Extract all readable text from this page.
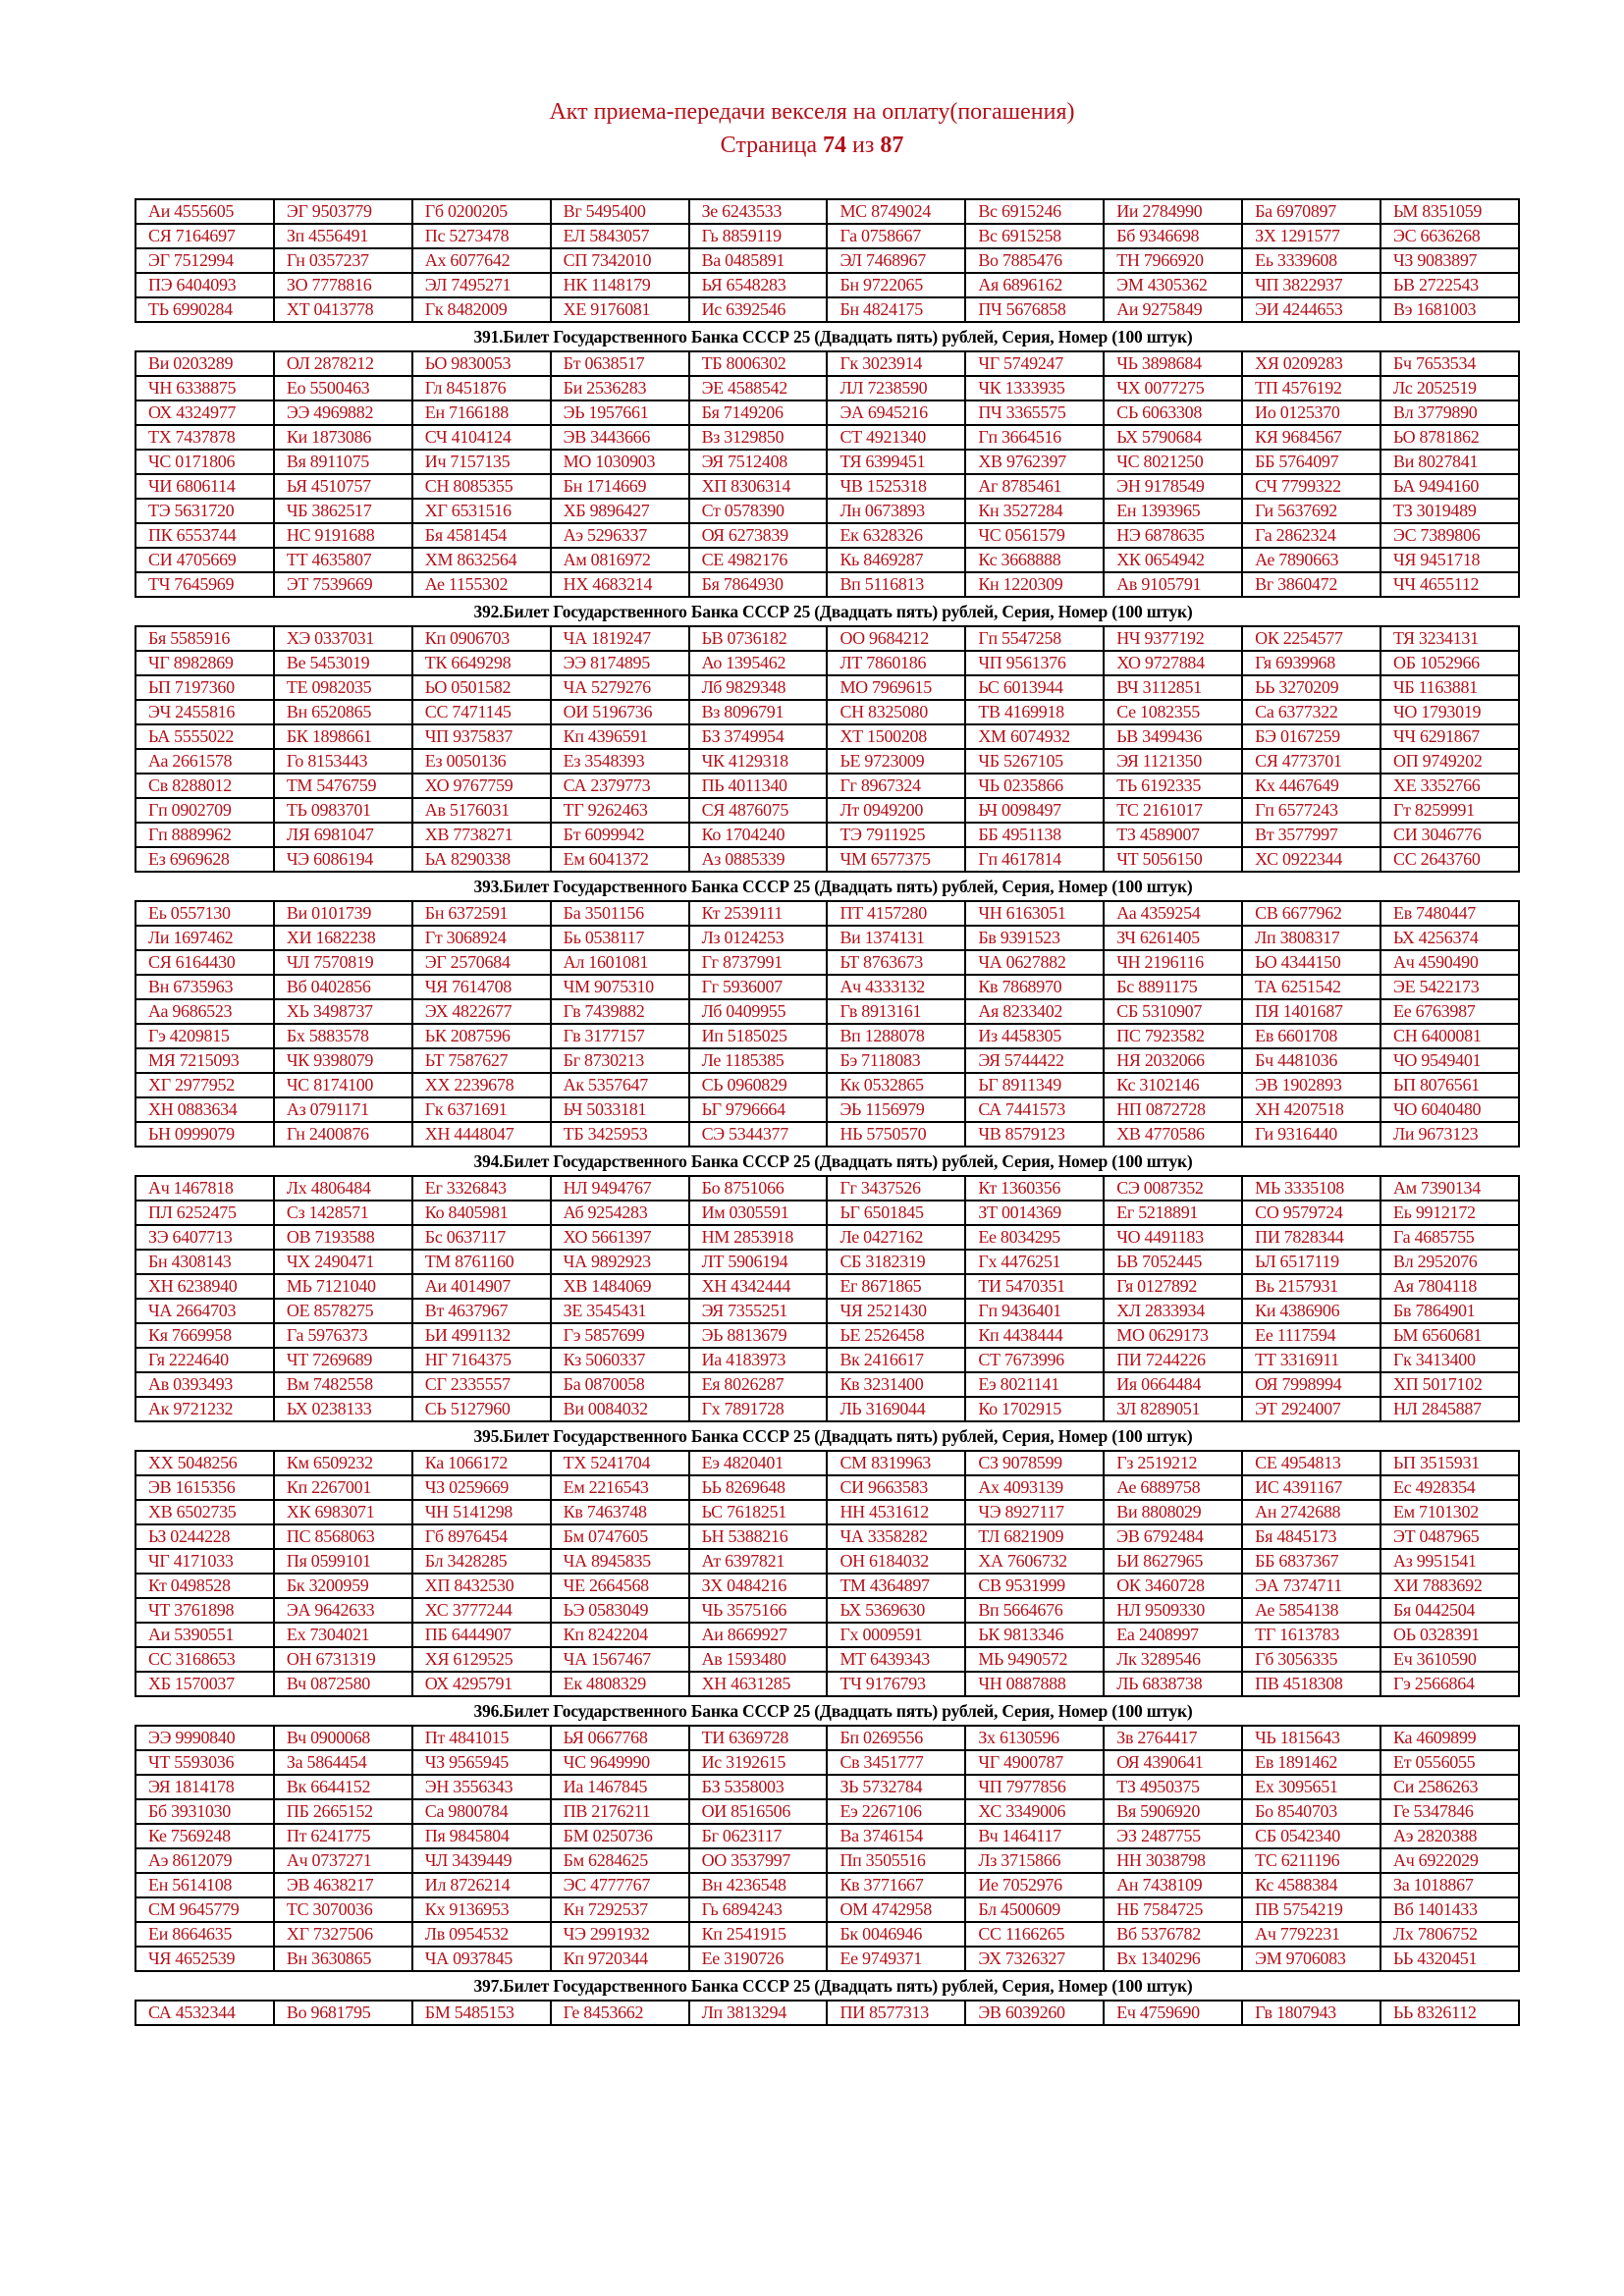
Акт приема-передачи векселя на оплату(погашения)
Страница 74 из 87
Аи 4555605	ЭГ 9503779	Гб 0200205	Вг 5495400	Зе 6243533	МС 8749024	Вс 6915246	Ии 2784990	Ба 6970897	ЬМ 8351059
СЯ 7164697	Зп 4556491	Пс 5273478	ЕЛ 5843057	Гь 8859119	Га 0758667	Вс 6915258	Бб 9346698	ЗХ 1291577	ЭС 6636268
ЭГ 7512994	Гн 0357237	Ах 6077642	СП 7342010	Ва 0485891	ЭЛ 7468967	Во 7885476	ТН 7966920	Еь 3339608	ЧЗ 9083897
ПЭ 6404093	ЗО 7778816	ЭЛ 7495271	НК 1148179	ЬЯ 6548283	Бн 9722065	Ая 6896162	ЭМ 4305362	ЧП 3822937	ЬВ 2722543
ТЬ 6990284	ХТ 0413778	Гк 8482009	ХЕ 9176081	Ис 6392546	Бн 4824175	ПЧ 5676858	Аи 9275849	ЭИ 4244653	Вэ 1681003
391.Билет Государственного Банка СССР 25 (Двадцать пять) рублей, Серия, Номер (100 штук)									
Ви 0203289	ОЛ 2878212	ЬО 9830053	Бт 0638517	ТБ 8006302	Гк 3023914	ЧГ 5749247	ЧЬ 3898684	ХЯ 0209283	Бч 7653534
ЧН 6338875	Ео 5500463	Гл 8451876	Би 2536283	ЭЕ 4588542	ЛЛ 7238590	ЧК 1333935	ЧХ 0077275	ТП 4576192	Лс 2052519
ОХ 4324977	ЭЭ 4969882	Ен 7166188	ЭЬ 1957661	Бя 7149206	ЭА 6945216	ПЧ 3365575	СЬ 6063308	Ио 0125370	Вл 3779890
ТХ 7437878	Ки 1873086	СЧ 4104124	ЭВ 3443666	Вз 3129850	СТ 4921340	Гп 3664516	ЬХ 5790684	КЯ 9684567	ЬО 8781862
ЧС 0171806	Вя 8911075	Ич 7157135	МО 1030903	ЭЯ 7512408	ТЯ 6399451	ХВ 9762397	ЧС 8021250	ББ 5764097	Ви 8027841
ЧИ 6806114	ЬЯ 4510757	СН 8085355	Бн 1714669	ХП 8306314	ЧВ 1525318	Аг 8785461	ЭН 9178549	СЧ 7799322	ЬА 9494160
ТЭ 5631720	ЧБ 3862517	ХГ 6531516	ХБ 9896427	Ст 0578390	Лн 0673893	Кн 3527284	Ен 1393965	Ги 5637692	ТЗ 3019489
ПК 6553744	НС 9191688	Бя 4581454	Аэ 5296337	ОЯ 6273839	Ек 6328326	ЧС 0561579	НЭ 6878635	Га 2862324	ЭС 7389806
СИ 4705669	ТТ 4635807	ХМ 8632564	Ам 0816972	СЕ 4982176	Кь 8469287	Кс 3668888	ХК 0654942	Ае 7890663	ЧЯ 9451718
ТЧ 7645969	ЭТ 7539669	Ае 1155302	НХ 4683214	Бя 7864930	Вп 5116813	Кн 1220309	Ав 9105791	Вг 3860472	ЧЧ 4655112
392.Билет Государственного Банка СССР 25 (Двадцать пять) рублей, Серия, Номер (100 штук)									
Бя 5585916	ХЭ 0337031	Кп 0906703	ЧА 1819247	ЬВ 0736182	ОО 9684212	Гп 5547258	НЧ 9377192	ОК 2254577	ТЯ 3234131
ЧГ 8982869	Ве 5453019	ТК 6649298	ЭЭ 8174895	Ао 1395462	ЛТ 7860186	ЧП 9561376	ХО 9727884	Гя 6939968	ОБ 1052966
ЬП 7197360	ТЕ 0982035	ЬО 0501582	ЧА 5279276	Лб 9829348	МО 7969615	ЬС 6013944	ВЧ 3112851	ЬЬ 3270209	ЧБ 1163881
ЭЧ 2455816	Вн 6520865	СС 7471145	ОИ 5196736	Вз 8096791	СН 8325080	ТВ 4169918	Се 1082355	Са 6377322	ЧО 1793019
ЬА 5555022	БК 1898661	ЧП 9375837	Кп 4396591	БЗ 3749954	ХТ 1500208	ХМ 6074932	ЬВ 3499436	БЭ 0167259	ЧЧ 6291867
Аа 2661578	Го 8153443	Ез 0050136	Ез 3548393	ЧК 4129318	ЬЕ 9723009	ЧБ 5267105	ЭЯ 1121350	СЯ 4773701	ОП 9749202
Св 8288012	ТМ 5476759	ХО 9767759	СА 2379773	ПЬ 4011340	Гг 8967324	ЧЬ 0235866	ТЬ 6192335	Кх 4467649	ХЕ 3352766
Гп 0902709	ТЬ 0983701	Ав 5176031	ТГ 9262463	СЯ 4876075	Лт 0949200	ЬЧ 0098497	ТС 2161017	Гп 6577243	Гт 8259991
Гп 8889962	ЛЯ 6981047	ХВ 7738271	Бт 6099942	Ко 1704240	ТЭ 7911925	ББ 4951138	ТЗ 4589007	Вт 3577997	СИ 3046776
Ез 6969628	ЧЭ 6086194	ЬА 8290338	Ем 6041372	Аз 0885339	ЧМ 6577375	Гп 4617814	ЧТ 5056150	ХС 0922344	СС 2643760
393.Билет Государственного Банка СССР 25 (Двадцать пять) рублей, Серия, Номер (100 штук)									
Еь 0557130	Ви 0101739	Бн 6372591	Ба 3501156	Кт 2539111	ПТ 4157280	ЧН 6163051	Аа 4359254	СВ 6677962	Ев 7480447
Ли 1697462	ХИ 1682238	Гт 3068924	Бь 0538117	Лз 0124253	Ви 1374131	Бв 9391523	ЗЧ 6261405	Лп 3808317	ЬХ 4256374
СЯ 6164430	ЧЛ 7570819	ЭГ 2570684	Ал 1601081	Гг 8737991	ЬТ 8763673	ЧА 0627882	ЧН 2196116	ЬО 4344150	Ач 4590490
Вн 6735963	Вб 0402856	ЧЯ 7614708	ЧМ 9075310	Гг 5936007	Ач 4333132	Кв 7868970	Бс 8891175	ТА 6251542	ЭЕ 5422173
Аа 9686523	ХЬ 3498737	ЭХ 4822677	Гв 7439882	Лб 0409955	Гв 8913161	Ая 8233402	СБ 5310907	ПЯ 1401687	Ее 6763987
Гэ 4209815	Бх 5883578	ЬК 2087596	Гв 3177157	Ип 5185025	Вп 1288078	Из 4458305	ПС 7923582	Ев 6601708	СН 6400081
МЯ 7215093	ЧК 9398079	ЬТ 7587627	Бг 8730213	Ле 1185385	Бэ 7118083	ЭЯ 5744422	НЯ 2032066	Бч 4481036	ЧО 9549401
ХГ 2977952	ЧС 8174100	ХХ 2239678	Ак 5357647	СЬ 0960829	Кк 0532865	ЬГ 8911349	Кс 3102146	ЭВ 1902893	ЬП 8076561
ХН 0883634	Аз 0791171	Гк 6371691	ЬЧ 5033181	ЬГ 9796664	ЭЬ 1156979	СА 7441573	НП 0872728	ХН 4207518	ЧО 6040480
ЬН 0999079	Гн 2400876	ХН 4448047	ТБ 3425953	СЭ 5344377	НЬ 5750570	ЧВ 8579123	ХВ 4770586	Ги 9316440	Ли 9673123
394.Билет Государственного Банка СССР 25 (Двадцать пять) рублей, Серия, Номер (100 штук)									
Ач 1467818	Лх 4806484	Ег 3326843	НЛ 9494767	Бо 8751066	Гг 3437526	Кт 1360356	СЭ 0087352	МЬ 3335108	Ам 7390134
ПЛ 6252475	Сз 1428571	Ко 8405981	Аб 9254283	Им 0305591	ЬГ 6501845	ЗТ 0014369	Ег 5218891	СО 9579724	Еь 9912172
ЗЭ 6407713	ОВ 7193588	Бс 0637117	ХО 5661397	НМ 2853918	Ле 0427162	Ее 8034295	ЧО 4491183	ПИ 7828344	Га 4685755
Бн 4308143	ЧХ 2490471	ТМ 8761160	ЧА 9892923	ЛТ 5906194	СБ 3182319	Гх 4476251	ЬВ 7052445	ЬЛ 6517119	Вл 2952076
ХН 6238940	МЬ 7121040	Аи 4014907	ХВ 1484069	ХН 4342444	Ег 8671865	ТИ 5470351	Гя 0127892	Вь 2157931	Ая 7804118
ЧА 2664703	ОЕ 8578275	Вт 4637967	ЗЕ 3545431	ЭЯ 7355251	ЧЯ 2521430	Гп 9436401	ХЛ 2833934	Ки 4386906	Бв 7864901
Кя 7669958	Га 5976373	ЬИ 4991132	Гэ 5857699	ЭЬ 8813679	ЬЕ 2526458	Кп 4438444	МО 0629173	Ее 1117594	ЬМ 6560681
Гя 2224640	ЧТ 7269689	НГ 7164375	Кз 5060337	Иа 4183973	Вк 2416617	СТ 7673996	ПИ 7244226	ТТ 3316911	Гк 3413400
Ав 0393493	Вм 7482558	СГ 2335557	Ба 0870058	Ея 8026287	Кв 3231400	Еэ 8021141	Ия 0664484	ОЯ 7998994	ХП 5017102
Ак 9721232	ЬХ 0238133	СЬ 5127960	Ви 0084032	Гх 7891728	ЛЬ 3169044	Ко 1702915	ЗЛ 8289051	ЭТ 2924007	НЛ 2845887
395.Билет Государственного Банка СССР 25 (Двадцать пять) рублей, Серия, Номер (100 штук)									
ХХ 5048256	Км 6509232	Ка 1066172	ТХ 5241704	Еэ 4820401	СМ 8319963	СЗ 9078599	Гз 2519212	СЕ 4954813	ЬП 3515931
ЭВ 1615356	Кп 2267001	ЧЗ 0259669	Ем 2216543	ЬЬ 8269648	СИ 9663583	Ах 4093139	Ае 6889758	ИС 4391167	Ес 4928354
ХВ 6502735	ХК 6983071	ЧН 5141298	Кв 7463748	ЬС 7618251	НН 4531612	ЧЭ 8927117	Ви 8808029	Ан 2742688	Ем 7101302
ЬЗ 0244228	ПС 8568063	Гб 8976454	Бм 0747605	ЬН 5388216	ЧА 3358282	ТЛ 6821909	ЭВ 6792484	Бя 4845173	ЭТ 0487965
ЧГ 4171033	Пя 0599101	Бл 3428285	ЧА 8945835	Ат 6397821	ОН 6184032	ХА 7606732	ЬИ 8627965	ББ 6837367	Аз 9951541
Кт 0498528	Бк 3200959	ХП 8432530	ЧЕ 2664568	ЗХ 0484216	ТМ 4364897	СВ 9531999	ОК 3460728	ЭА 7374711	ХИ 7883692
ЧТ 3761898	ЭА 9642633	ХС 3777244	ЬЭ 0583049	ЧЬ 3575166	ЬХ 5369630	Вп 5664676	НЛ 9509330	Ае 5854138	Бя 0442504
Аи 5390551	Ех 7304021	ПБ 6444907	Кп 8242204	Аи 8669927	Гх 0009591	ЬК 9813346	Еа 2408997	ТГ 1613783	ОЬ 0328391
СС 3168653	ОН 6731319	ХЯ 6129525	ЧА 1567467	Ав 1593480	МТ 6439343	МЬ 9490572	Лк 3289546	Гб 3056335	Еч 3610590
ХБ 1570037	Вч 0872580	ОХ 4295791	Ек 4808329	ХН 4631285	ТЧ 9176793	ЧН 0887888	ЛЬ 6838738	ПВ 4518308	Гэ 2566864
396.Билет Государственного Банка СССР 25 (Двадцать пять) рублей, Серия, Номер (100 штук)									
ЭЭ 9990840	Вч 0900068	Пт 4841015	ЬЯ 0667768	ТИ 6369728	Бп 0269556	Зх 6130596	Зв 2764417	ЧЬ 1815643	Ка 4609899
ЧТ 5593036	За 5864454	ЧЗ 9565945	ЧС 9649990	Ис 3192615	Св 3451777	ЧГ 4900787	ОЯ 4390641	Ев 1891462	Ет 0556055
ЭЯ 1814178	Вк 6644152	ЭН 3556343	Иа 1467845	БЗ 5358003	ЗЬ 5732784	ЧП 7977856	ТЗ 4950375	Ех 3095651	Си 2586263
Бб 3931030	ПБ 2665152	Са 9800784	ПВ 2176211	ОИ 8516506	Еэ 2267106	ХС 3349006	Вя 5906920	Бо 8540703	Ге 5347846
Ке 7569248	Пт 6241775	Пя 9845804	БМ 0250736	Бг 0623117	Ва 3746154	Вч 1464117	ЭЗ 2487755	СБ 0542340	Аэ 2820388
Аэ 8612079	Ач 0737271	ЧЛ 3439449	Бм 6284625	ОО 3537997	Пп 3505516	Лз 3715866	НН 3038798	ТС 6211196	Ач 6922029
Ен 5614108	ЭВ 4638217	Ил 8726214	ЭС 4777767	Вн 4236548	Кв 3771667	Ие 7052976	Ан 7438109	Кс 4588384	За 1018867
СМ 9645779	ТС 3070036	Кх 9136953	Кн 7292537	Гь 6894243	ОМ 4742958	Бл 4500609	НБ 7584725	ПВ 5754219	Вб 1401433
Еи 8664635	ХГ 7327506	Лв 0954532	ЧЭ 2991932	Кп 2541915	Бк 0046946	СС 1166265	Вб 5376782	Ач 7792231	Лх 7806752
ЧЯ 4652539	Вн 3630865	ЧА 0937845	Кп 9720344	Ее 3190726	Ее 9749371	ЭХ 7326327	Вх 1340296	ЭМ 9706083	ЬЬ 4320451
397.Билет Государственного Банка СССР 25 (Двадцать пять) рублей, Серия, Номер (100 штук)									
СА 4532344	Во 9681795	БМ 5485153	Ге 8453662	Лп 3813294	ПИ 8577313	ЭВ 6039260	Еч 4759690	Гв 1807943	ЬЬ 8326112
